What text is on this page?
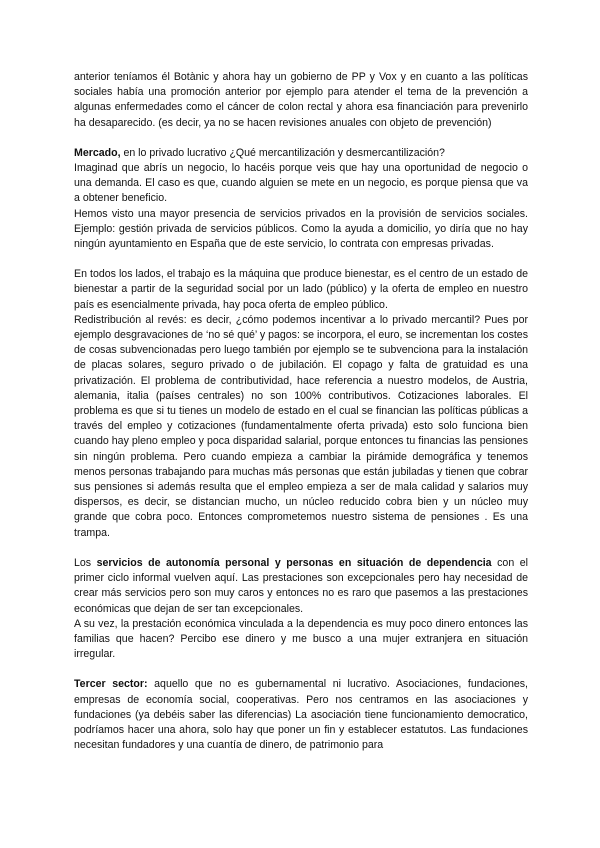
anterior teníamos él Botànic y ahora hay un gobierno de PP y Vox y en cuanto a las políticas sociales había una promoción anterior por ejemplo para atender el tema de la prevención a algunas enfermedades como el cáncer de colon rectal y ahora esa financiación para prevenirlo ha desaparecido. (es decir, ya no se hacen revisiones anuales con objeto de prevención)

Mercado, en lo privado lucrativo ¿Qué mercantilización y desmercantilización?

Imaginad que abrís un negocio, lo hacéis porque veis que hay una oportunidad de negocio o una demanda. El caso es que, cuando alguien se mete en un negocio, es porque piensa que va a obtener beneficio.

Hemos visto una mayor presencia de servicios privados en la provisión de servicios sociales. Ejemplo: gestión privada de servicios públicos. Como la ayuda a domicilio, yo diría que no hay ningún ayuntamiento en España que de este servicio, lo contrata con empresas privadas.

En todos los lados, el trabajo es la máquina que produce bienestar, es el centro de un estado de bienestar a partir de la seguridad social por un lado (público) y la oferta de empleo en nuestro país es esencialmente privada, hay poca oferta de empleo público.

Redistribución al revés: es decir, ¿cómo podemos incentivar a lo privado mercantil? Pues por ejemplo desgravaciones de ‘no sé qué’ y pagos: se incorpora, el euro, se incrementan los costes de cosas subvencionadas pero luego también por ejemplo se te subvenciona para la instalación de placas solares, seguro privado o de jubilación. El copago y falta de gratuidad es una privatización. El problema de contributividad, hace referencia a nuestro modelos, de Austria, alemania, italia (países centrales) no son 100% contributivos. Cotizaciones laborales. El problema es que si tu tienes un modelo de estado en el cual se financian las políticas públicas a través del empleo y cotizaciones (fundamentalmente oferta privada) esto solo funciona bien cuando hay pleno empleo y poca disparidad salarial, porque entonces tu financias las pensiones sin ningún problema. Pero cuando empieza a cambiar la pirámide demográfica y tenemos menos personas trabajando para muchas más personas que están jubiladas y tienen que cobrar sus pensiones si además resulta que el empleo empieza a ser de mala calidad y salarios muy dispersos, es decir, se distancian mucho, un núcleo reducido cobra bien y un núcleo muy grande que cobra poco. Entonces comprometemos nuestro sistema de pensiones . Es una trampa.

Los servicios de autonomía personal y personas en situación de dependencia con el primer ciclo informal vuelven aquí. Las prestaciones son excepcionales pero hay necesidad de crear más servicios pero son muy caros y entonces no es raro que pasemos a las prestaciones económicas que dejan de ser tan excepcionales.

A su vez, la prestación económica vinculada a la dependencia es muy poco dinero entonces las familias que hacen? Percibo ese dinero y me busco a una mujer extranjera en situación irregular.

Tercer sector: aquello que no es gubernamental ni lucrativo. Asociaciones, fundaciones, empresas de economía social, cooperativas. Pero nos centramos en las asociaciones y fundaciones (ya debéis saber las diferencias) La asociación tiene funcionamiento democratico, podríamos hacer una ahora, solo hay que poner un fin y establecer estatutos. Las fundaciones necesitan fundadores y una cuantía de dinero, de patrimonio para
